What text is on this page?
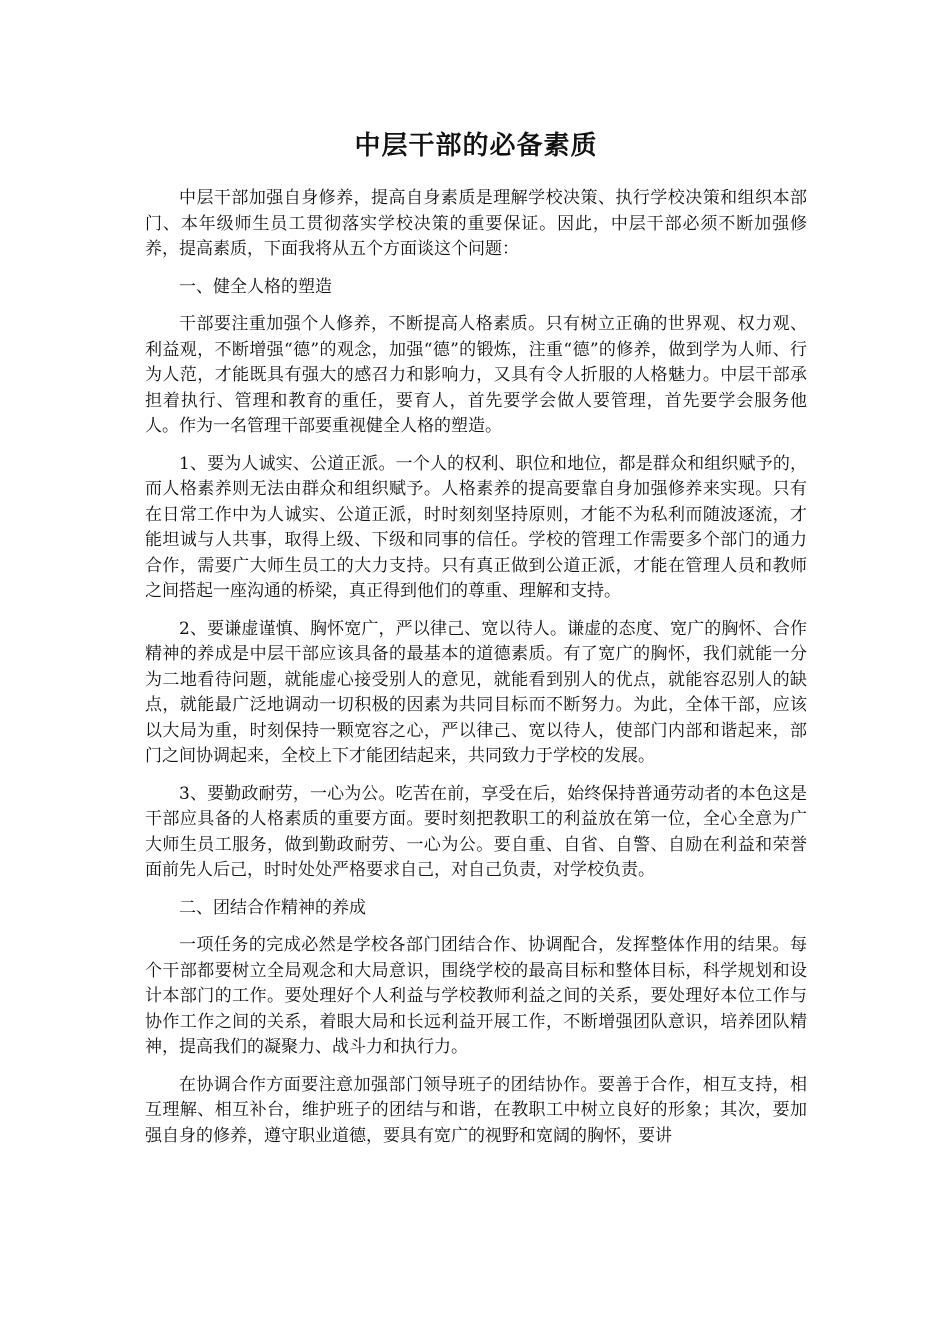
中层干部的必备素质

中层干部加强自身修养，提高自身素质是理解学校决策、执行学校决策和组织本部门、本年级师生员工贯彻落实学校决策的重要保证。因此，中层干部必须不断加强修养，提高素质，下面我将从五个方面谈这个问题：

一、健全人格的塑造

干部要注重加强个人修养，不断提高人格素质。只有树立正确的世界观、权力观、利益观，不断增强“德”的观念，加强“德”的锻炼，注重“德”的修养，做到学为人师、行为人范，才能既具有强大的感召力和影响力，又具有令人折服的人格魅力。中层干部承担着执行、管理和教育的重任，要育人，首先要学会做人要管理，首先要学会服务他人。作为一名管理干部要重视健全人格的塑造。

1、要为人诚实、公道正派。一个人的权利、职位和地位，都是群众和组织赋予的，而人格素养则无法由群众和组织赋予。人格素养的提高要靠自身加强修养来实现。只有在日常工作中为人诚实、公道正派，时时刻刻坚持原则，才能不为私利而随波逐流，才能坦诚与人共事，取得上级、下级和同事的信任。学校的管理工作需要多个部门的通力合作，需要广大师生员工的大力支持。只有真正做到公道正派，才能在管理人员和教师之间搭起一座沟通的桥梁，真正得到他们的尊重、理解和支持。

2、要谦虚谨慎、胸怀宽广，严以律己、宽以待人。谦虚的态度、宽广的胸怀、合作精神的养成是中层干部应该具备的最基本的道德素质。有了宽广的胸怀，我们就能一分为二地看待问题，就能虚心接受别人的意见，就能看到别人的优点，就能容忍别人的缺点，就能最广泛地调动一切积极的因素为共同目标而不断努力。为此，全体干部，应该以大局为重，时刻保持一颗宽容之心，严以律己、宽以待人，使部门内部和谐起来，部门之间协调起来，全校上下才能团结起来，共同致力于学校的发展。

3、要勤政耐劳，一心为公。吃苦在前，享受在后，始终保持普通劳动者的本色这是干部应具备的人格素质的重要方面。要时刻把教职工的利益放在第一位，全心全意为广大师生员工服务，做到勤政耐劳、一心为公。要自重、自省、自警、自励在利益和荣誉面前先人后己，时时处处严格要求自己，对自己负责，对学校负责。

二、团结合作精神的养成

一项任务的完成必然是学校各部门团结合作、协调配合，发挥整体作用的结果。每个干部都要树立全局观念和大局意识，围绕学校的最高目标和整体目标，科学规划和设计本部门的工作。要处理好个人利益与学校教师利益之间的关系，要处理好本位工作与协作工作之间的关系，着眼大局和长远利益开展工作，不断增强团队意识，培养团队精神，提高我们的凝聚力、战斗力和执行力。

在协调合作方面要注意加强部门领导班子的团结协作。要善于合作，相互支持，相互理解、相互补台，维护班子的团结与和谐，在教职工中树立良好的形象；其次，要加强自身的修养，遵守职业道德，要具有宽广的视野和宽阔的胸怀，要讲
